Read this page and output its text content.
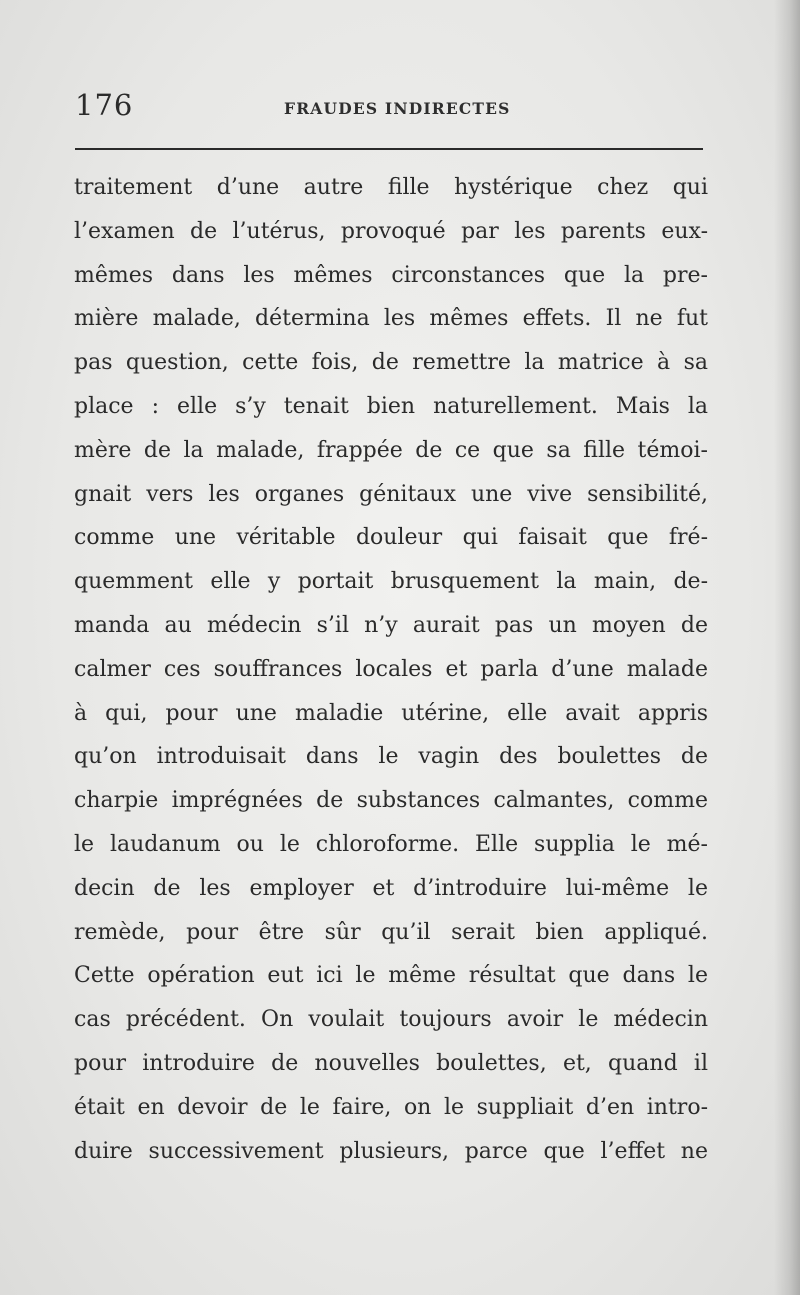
176	FRAUDES INDIRECTES
traitement d’une autre fille hystérique chez qui
l’examen de l’utérus, provoqué par les parents eux-
mêmes dans les mêmes circonstances que la pre-
mière malade, détermina les mêmes effets. Il ne fut
pas question, cette fois, de remettre la matrice à sa
place : elle s’y tenait bien naturellement. Mais la
mère de la malade, frappée de ce que sa fille témoi-
gnait vers les organes génitaux une vive sensibilité,
comme une véritable douleur qui faisait que fré-
quemment elle y portait brusquement la main, de-
manda au médecin s’il n’y aurait pas un moyen de
calmer ces souffrances locales et parla d’une malade
à qui, pour une maladie utérine, elle avait appris
qu’on introduisait dans le vagin des boulettes de
charpie imprégnées de substances calmantes, comme
le laudanum ou le chloroforme. Elle supplia le mé-
decin de les employer et d’introduire lui-même le
remède, pour être sûr qu’il serait bien appliqué.
Cette opération eut ici le même résultat que dans le
cas précédent. On voulait toujours avoir le médecin
pour introduire de nouvelles boulettes, et, quand il
était en devoir de le faire, on le suppliait d’en intro-
duire successivement plusieurs, parce que l’effet ne
